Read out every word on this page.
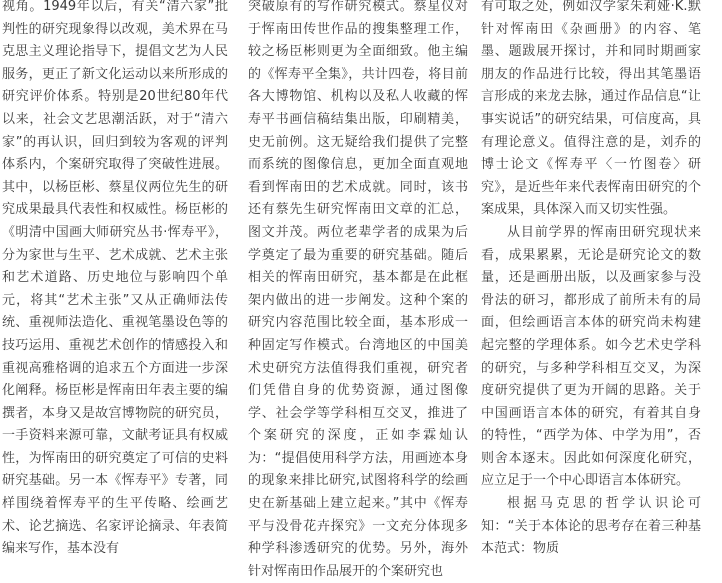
视角。1949年以后，有关“清六家”批判性的研究现象得以改观，美术界在马克思主义理论指导下，提倡文艺为人民服务，更正了新文化运动以来所形成的研究评价体系。特别是20世纪80年代以来，社会文艺思潮活跃，对于“清六家”的再认识，回归到较为客观的评判体系内，个案研究取得了突破性进展。其中，以杨臣彬、蔡星仪两位先生的研究成果最具代表性和权威性。杨臣彬的《明清中国画大师研究丛书·恽寿平》，分为家世与生平、艺术成就、艺术主张和艺术道路、历史地位与影响四个单元，将其“艺术主张”又从正确师法传统、重视师法造化、重视笔墨设色等的技巧运用、重视艺术创作的情感投入和重视高雅格调的追求五个方面进一步深化阐释。杨臣彬是恽南田年表主要的编撰者，本身又是故宫博物院的研究员，一手资料来源可靠，文献考证具有权威性，为恽南田的研究奠定了可信的史料研究基础。另一本《恽寿平》专著，同样围绕着恽寿平的生平传略、绘画艺术、论艺摘选、名家评论摘录、年表简编来写作，基本没有

突破原有的写作研究模式。蔡星仪对于恽南田传世作品的搜集整理工作，较之杨臣彬则更为全面细致。他主编的《恽寿平全集》，共计四卷，将目前各大博物馆、机构以及私人收藏的恽寿平书画信稿结集出版，印刷精美，史无前例。这无疑给我们提供了完整而系统的图像信息，更加全面直观地看到恽南田的艺术成就。同时，该书还有蔡先生研究恽南田文章的汇总，图文并茂。两位老辈学者的成果为后学奠定了最为重要的研究基础。随后相关的恽南田研究，基本都是在此框架内做出的进一步阐发。这种个案的研究内容范围比较全面，基本形成一种固定写作模式。台湾地区的中国美术史研究方法值得我们重视，研究者们凭借自身的优势资源，通过图像学、社会学等学科相互交叉，推进了个案研究的深度，正如李霖灿认为：“提倡使用科学方法，用画迹本身的现象来排比研究,试图将科学的绘画史在新基础上建立起来。”其中《恽寿平与没骨花卉探究》一文充分体现多种学科渗透研究的优势。另外，海外针对恽南田作品展开的个案研究也

有可取之处，例如汉学家朱莉娅·K.默针对恽南田《杂画册》的内容、笔墨、题跋展开探讨，并和同时期画家朋友的作品进行比较，得出其笔墨语言形成的来龙去脉，通过作品信息“让事实说话”的研究结果，可信度高，具有理论意义。值得注意的是，刘乔的博士论文《恽寿平〈一竹图卷〉研究》，是近些年来代表恽南田研究的个案成果，具体深入而又切实性强。

从目前学界的恽南田研究现状来看，成果累累，无论是研究论文的数量，还是画册出版，以及画家参与没骨法的研习，都形成了前所未有的局面，但绘画语言本体的研究尚未构建起完整的学理体系。如今艺术史学科的研究，与多种学科相互交叉，为深度研究提供了更为开阔的思路。关于中国画语言本体的研究，有着其自身的特性，“西学为体、中学为用”，否则舍本逐末。因此如何深度化研究，应立足于一个中心即语言本体研究。

根据马克思的哲学认识论可知：“关于本体论的思考存在着三种基本范式：物质
